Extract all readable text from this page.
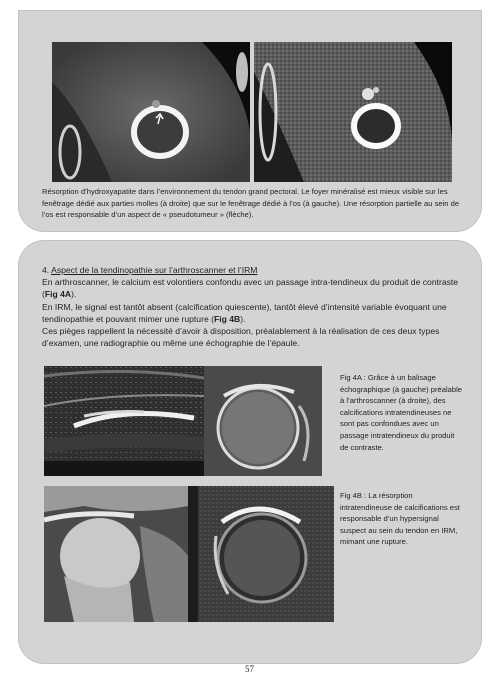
Résorption d’hydroxyapatite dans l’environnement du tendon grand pectoral. Le foyer minéralisé est mieux visible sur les fenêtrage dédié aux parties molles (à droite) que sur le fenêtrage dédié à l’os (à gauche). Une résorption partielle au sein de l’os est responsable d’un aspect de « pseudotumeur » (flèche).

4. Aspect de la tendinopathie sur l’arthroscanner et l’IRM

En arthroscanner, le calcium est volontiers confondu avec un passage intra-tendineux du produit de contraste (Fig 4A).

En IRM, le signal est tantôt absent (calcification quiescente), tantôt élevé d’intensité variable évoquant une tendinopathie et pouvant mimer une rupture (Fig 4B).

Ces pièges rappellent la nécessité d’avoir à disposition, préalablement à la réalisation de ces deux types d’examen, une radiographie ou même une échographie de l’épaule.

Fig 4A : Grâce à un balisage échographique (à gauche) préalable à l’arthroscanner (à droite), des calcifications intratendineuses ne sont pas confondues avec un passage intratendineux du produit de contraste.
Fig 4B : La résorption intratendineuse de calcifications est responsable d’un hypersignal suspect au sein du tendon en IRM, mimant une rupture.
57
